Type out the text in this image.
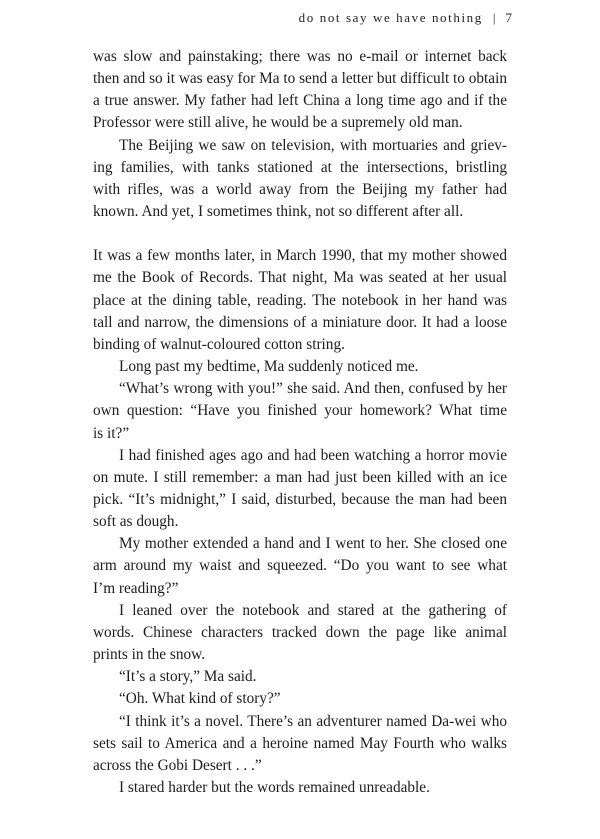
do not say we have nothing | 7

was slow and painstaking; there was no e-mail or internet back

then and so it was easy for Ma to send a letter but difficult to obtain

a true answer. My father had left China a long time ago and if the

Professor were still alive, he would be a supremely old man.

The Beijing we saw on television, with mortuaries and griev-

ing families, with tanks stationed at the intersections, bristling

with rifles, was a world away from the Beijing my father had

known. And yet, I sometimes think, not so different after all.

It was a few months later, in March 1990, that my mother showed

me the Book of Records. That night, Ma was seated at her usual

place at the dining table, reading. The notebook in her hand was

tall and narrow, the dimensions of a miniature door. It had a loose

binding of walnut-coloured cotton string.

Long past my bedtime, Ma suddenly noticed me.

“What’s wrong with you!” she said. And then, confused by her

own question: “Have you finished your homework? What time

is it?”

I had finished ages ago and had been watching a horror movie

on mute. I still remember: a man had just been killed with an ice

pick. “It’s midnight,” I said, disturbed, because the man had been

soft as dough.

My mother extended a hand and I went to her. She closed one

arm around my waist and squeezed. “Do you want to see what

I’m reading?”

I leaned over the notebook and stared at the gathering of

words. Chinese characters tracked down the page like animal

prints in the snow.

“It’s a story,” Ma said.

“Oh. What kind of story?”

“I think it’s a novel. There’s an adventurer named Da-wei who

sets sail to America and a heroine named May Fourth who walks

across the Gobi Desert . . .”

I stared harder but the words remained unreadable.
